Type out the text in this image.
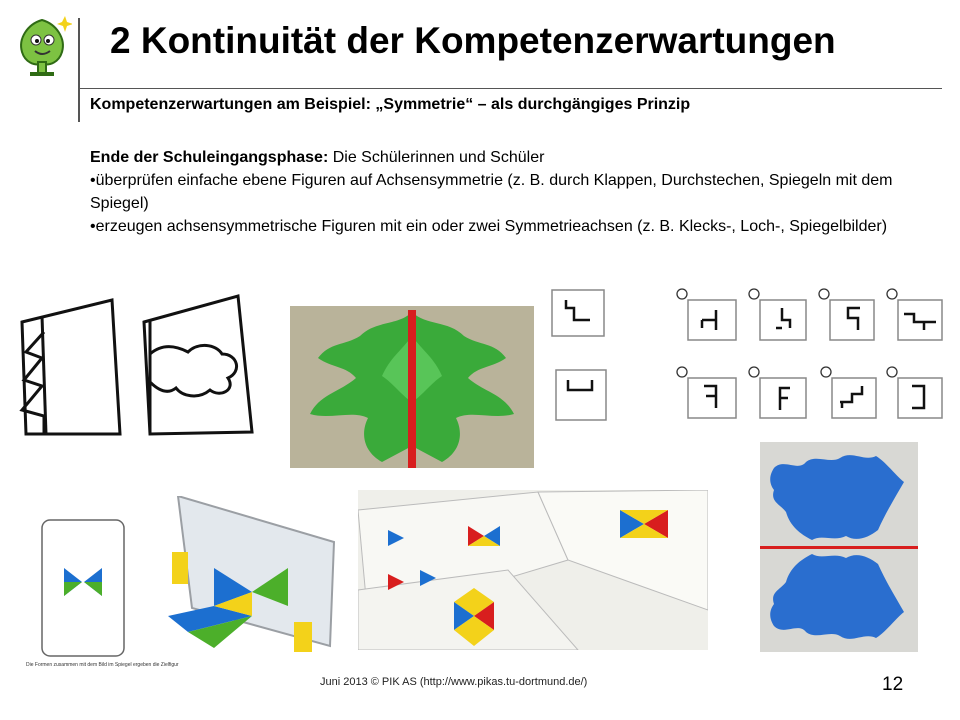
2 Kontinuität der Kompetenzerwartungen
Kompetenzerwartungen am Beispiel: „Symmetrie“ – als durchgängiges Prinzip
Ende der Schuleingangsphase: Die Schülerinnen und Schüler
•überprüfen einfache ebene Figuren auf Achsensymmetrie (z. B. durch Klappen, Durchstechen, Spiegeln mit dem Spiegel)
•erzeugen achsensymmetrische Figuren mit ein oder zwei Symmetrieachsen (z. B. Klecks-, Loch-, Spiegelbilder)
Die Formen zusammen mit dem Bild im Spiegel ergeben die Zielfigur
Juni 2013 © PIK AS (http://www.pikas.tu-dortmund.de/)	12
